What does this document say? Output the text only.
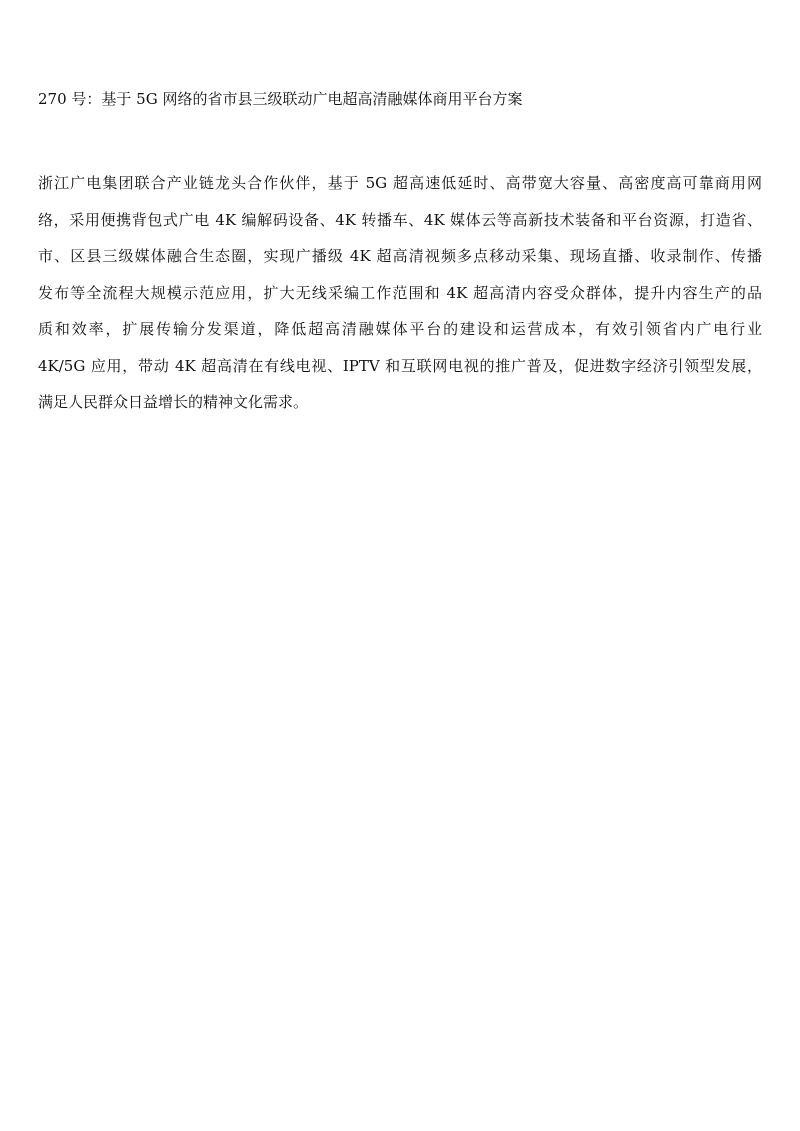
270 号：基于 5G 网络的省市县三级联动广电超高清融媒体商用平台方案
浙江广电集团联合产业链龙头合作伙伴，基于 5G 超高速低延时、高带宽大容量、高密度高可靠商用网
络，采用便携背包式广电 4K 编解码设备、4K 转播车、4K 媒体云等高新技术装备和平台资源，打造省、
市、区县三级媒体融合生态圈，实现广播级 4K 超高清视频多点移动采集、现场直播、收录制作、传播
发布等全流程大规模示范应用，扩大无线采编工作范围和 4K 超高清内容受众群体，提升内容生产的品
质和效率，扩展传输分发渠道，降低超高清融媒体平台的建设和运营成本，有效引领省内广电行业
4K/5G 应用，带动 4K 超高清在有线电视、IPTV 和互联网电视的推广普及，促进数字经济引领型发展，
满足人民群众日益增长的精神文化需求。
